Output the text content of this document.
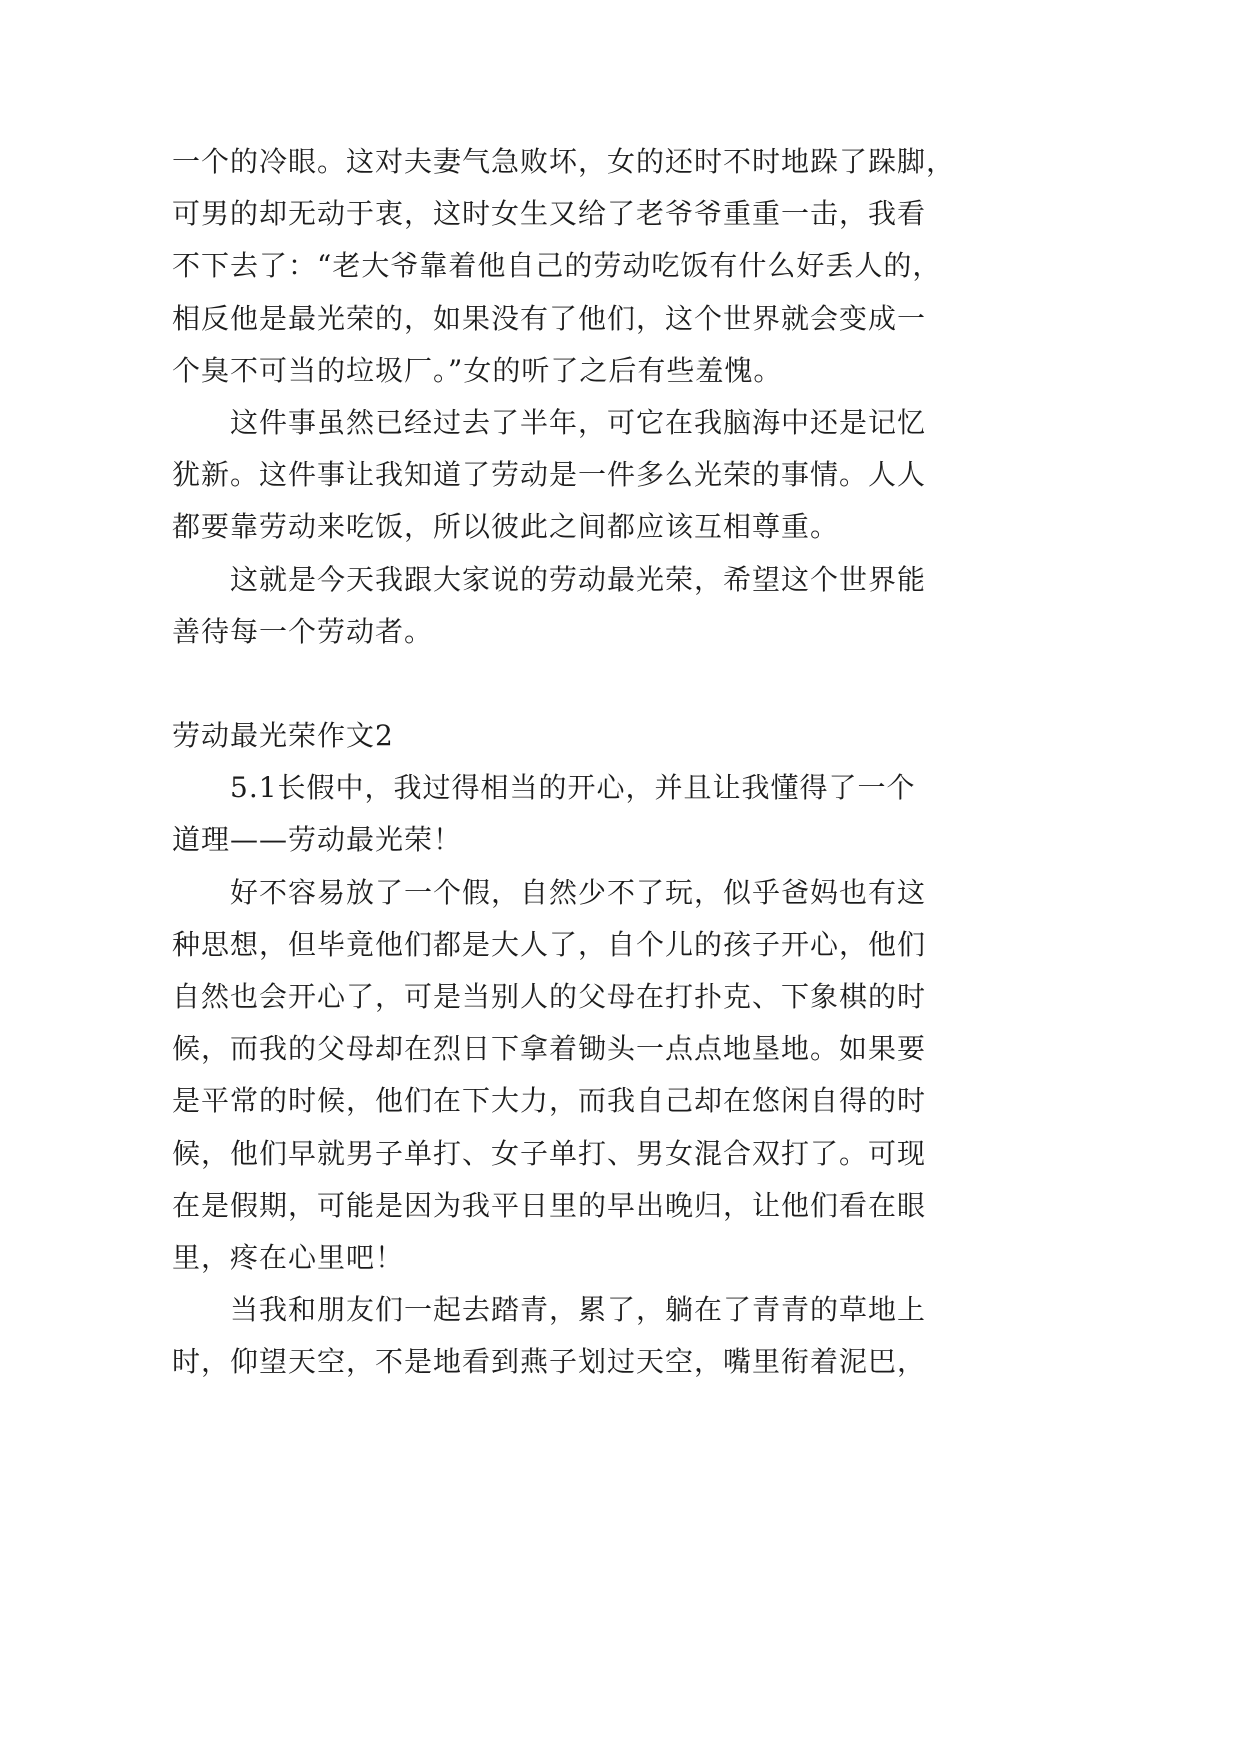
一个的冷眼。这对夫妻气急败坏，女的还时不时地跺了跺脚，
可男的却无动于衷，这时女生又给了老爷爷重重一击，我看
不下去了：“老大爷靠着他自己的劳动吃饭有什么好丢人的，
相反他是最光荣的，如果没有了他们，这个世界就会变成一
个臭不可当的垃圾厂。”女的听了之后有些羞愧。
这件事虽然已经过去了半年，可它在我脑海中还是记忆
犹新。这件事让我知道了劳动是一件多么光荣的事情。人人
都要靠劳动来吃饭，所以彼此之间都应该互相尊重。
这就是今天我跟大家说的劳动最光荣，希望这个世界能
善待每一个劳动者。
劳动最光荣作文2
5.1长假中，我过得相当的开心，并且让我懂得了一个
道理——劳动最光荣！
好不容易放了一个假，自然少不了玩，似乎爸妈也有这
种思想，但毕竟他们都是大人了，自个儿的孩子开心，他们
自然也会开心了，可是当别人的父母在打扑克、下象棋的时
候，而我的父母却在烈日下拿着锄头一点点地垦地。如果要
是平常的时候，他们在下大力，而我自己却在悠闲自得的时
候，他们早就男子单打、女子单打、男女混合双打了。可现
在是假期，可能是因为我平日里的早出晚归，让他们看在眼
里，疼在心里吧！
当我和朋友们一起去踏青，累了，躺在了青青的草地上
时，仰望天空，不是地看到燕子划过天空，嘴里衔着泥巴，
